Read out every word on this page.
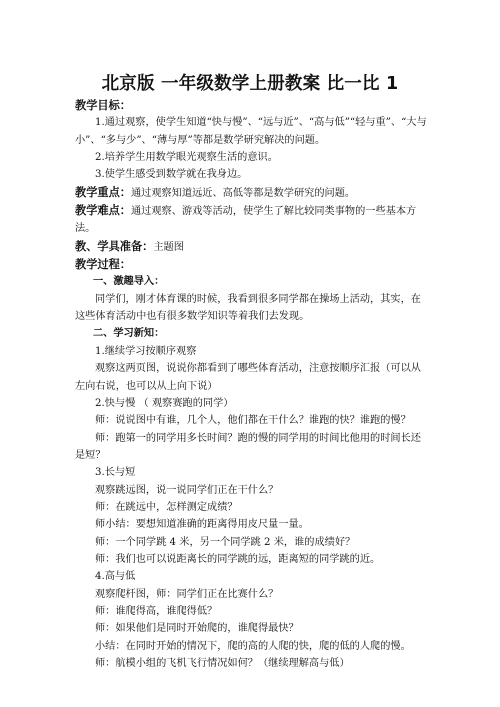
北京版 一年级数学上册教案 比一比 1

教学目标：

1.通过观察，使学生知道“快与慢”、“远与近”、“高与低”“轻与重”、“大与小”、“多与少”、“薄与厚”等都是数学研究解决的问题。

2.培养学生用数学眼光观察生活的意识。

3.使学生感受到数学就在我身边。

教学重点：通过观察知道远近、高低等都是数学研究的问题。

教学难点：通过观察、游戏等活动，使学生了解比较同类事物的一些基本方法。

教、学具准备：主题图

教学过程：

一、激趣导入：

同学们，刚才体育课的时候，我看到很多同学都在操场上活动，其实，在这些体育活动中也有很多数学知识等着我们去发现。

二、学习新知：

1.继续学习按顺序观察

观察这两页图，说说你都看到了哪些体育活动，注意按顺序汇报（可以从左向右说，也可以从上向下说）

2.快与慢 （ 观察赛跑的同学）

师：说说图中有谁，几个人，他们都在干什么？谁跑的快？谁跑的慢？

师：跑第一的同学用多长时间？跑的慢的同学用的时间比他用的时间长还是短？

3.长与短

观察跳远图，说一说同学们正在干什么？

师：在跳远中，怎样测定成绩？

师小结：要想知道准确的距离得用皮尺量一量。

师：一个同学跳 4 米，另一个同学跳 2 米，谁的成绩好？

师：我们也可以说距离长的同学跳的远，距离短的同学跳的近。

4.高与低

观察爬杆图，师：同学们正在比赛什么？

师：谁爬得高，谁爬得低？

师：如果他们是同时开始爬的，谁爬得最快？

小结：在同时开始的情况下，爬的高的人爬的快，爬的低的人爬的慢。

师：航模小组的飞机飞行情况如何？（继续理解高与低）
